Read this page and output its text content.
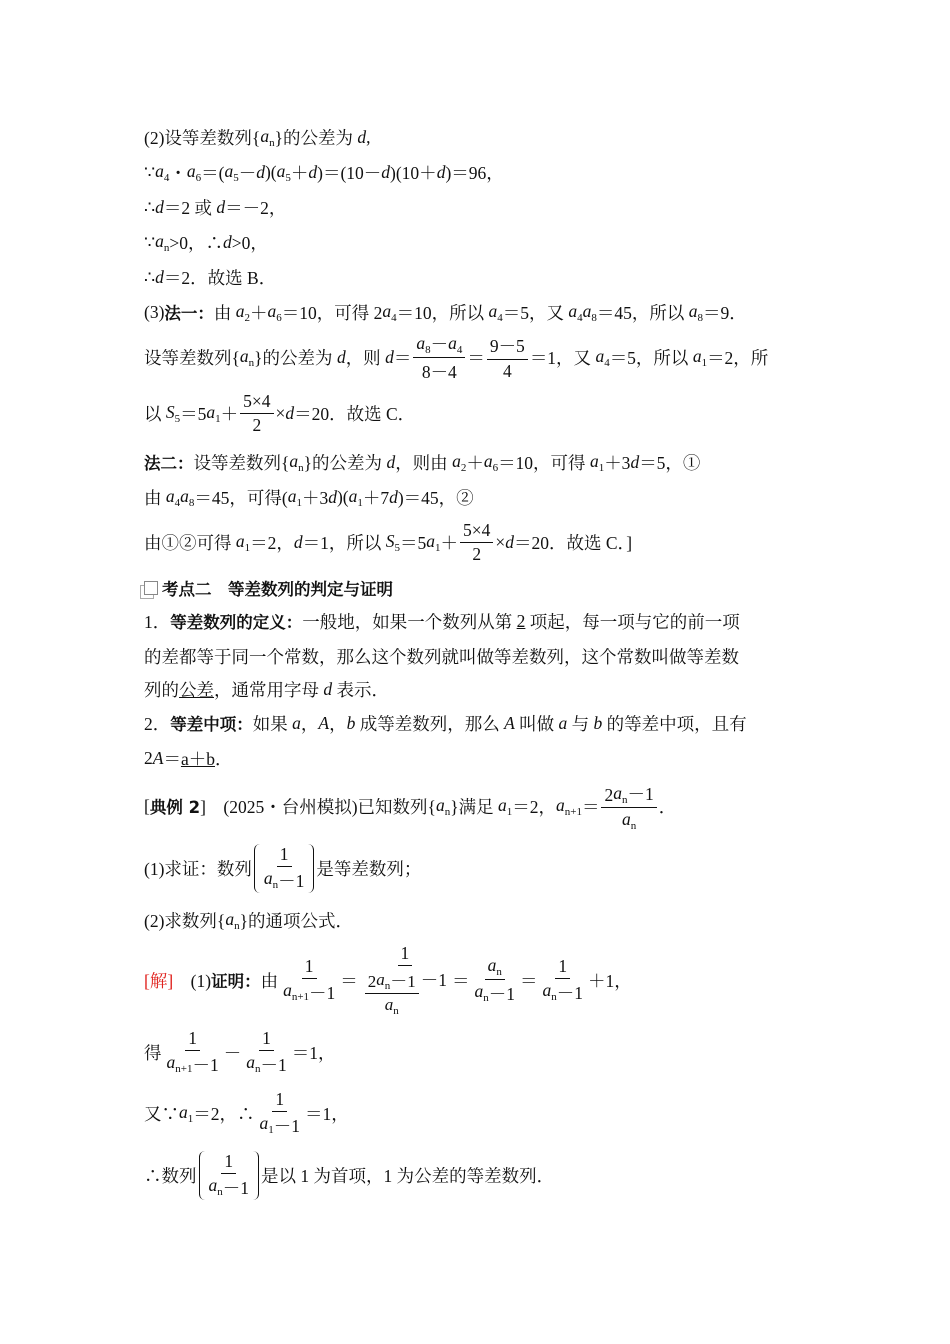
(2)设等差数列{ $a_n$ }的公差为 d ,
∵ $a_4$ ・ $a_6$ ＝( $a_5 - d$ )( $a_5 + d$ )＝(10－ d )(10＋ d )＝96，
∴ d ＝2 或 d ＝－2，
∵ $a_n >0$，∴ d >0，
∴ d ＝2．故选 B．
(3) 法一： 由 $a_2 + a_6 =10$，可得 2 $a_4 =10$，所以 $a_4 =5$，又 $a_4$ $a_8 =45$，所以 $a_8 =9$．
设等差数列{ $a_n$ }的公差为 d ，则 $d = \frac{a_8 - a_4}{8-4} = \frac{9-5}{4} =1$，又 $a_4 =5$，所以 $a_1 =2$，所
以 $S_5 =5$ $a_1 + \frac{5\times 4}{2} \times d =20$．故选 C．
法二： 设等差数列{ $a_n$ }的公差为 d ，则由 $a_2 + a_6 =10$，可得 $a_1 +3$ d ＝5，①
由 $a_4$ $a_8 =45$，可得( $a_1 +3$ d )( $a_1 +7$ d )＝45，②
由①②可得 $a_1 =2$， d ＝1，所以 $S_5 =5$ $a_1 + \frac{5\times 4}{2} \times d =20$．故选 C．]
考点二　等差数列的判定与证明
1． 等差数列的定义： 一般地，如果一个数列从第 2 项起，每一项与它的前一项
的差都等于同一个常数，那么这个数列就叫做等差数列，这个常数叫做等差数
列的 公差 ，通常用字母 d 表示．
2． 等差中项： 如果 a ， A ， b 成等差数列，那么 A 叫做 a 与 b 的等差中项，且有
2 A ＝ a＋b ．
[ 典例 2 ]　(2025・台州模拟)已知数列{ $a_n$ }满足 $a_1 =2$， $a_{n+1} = \frac{2 a_n -1}{a_n}$ ．
(1)求证：数列 $\frac{1}{a_n -1}$ 是等差数列；
(2)求数列{ $a_n$ }的通项公式．
[解] 　(1) 证明： 由 $\frac{1}{a_{n+1} -1} = \frac{1}{\frac{2 a_n -1}{a_n} -1} = \frac{a_n}{a_n -1} = \frac{1}{a_n -1} +1$，
得 $\frac{1}{a_{n+1} -1} - \frac{1}{a_n -1} =1$，
又∵ $a_1 =2$，∴ $\frac{1}{a_1 -1} =1$，
∴数列 $\frac{1}{a_n -1}$ 是以 1 为首项，1 为公差的等差数列．
